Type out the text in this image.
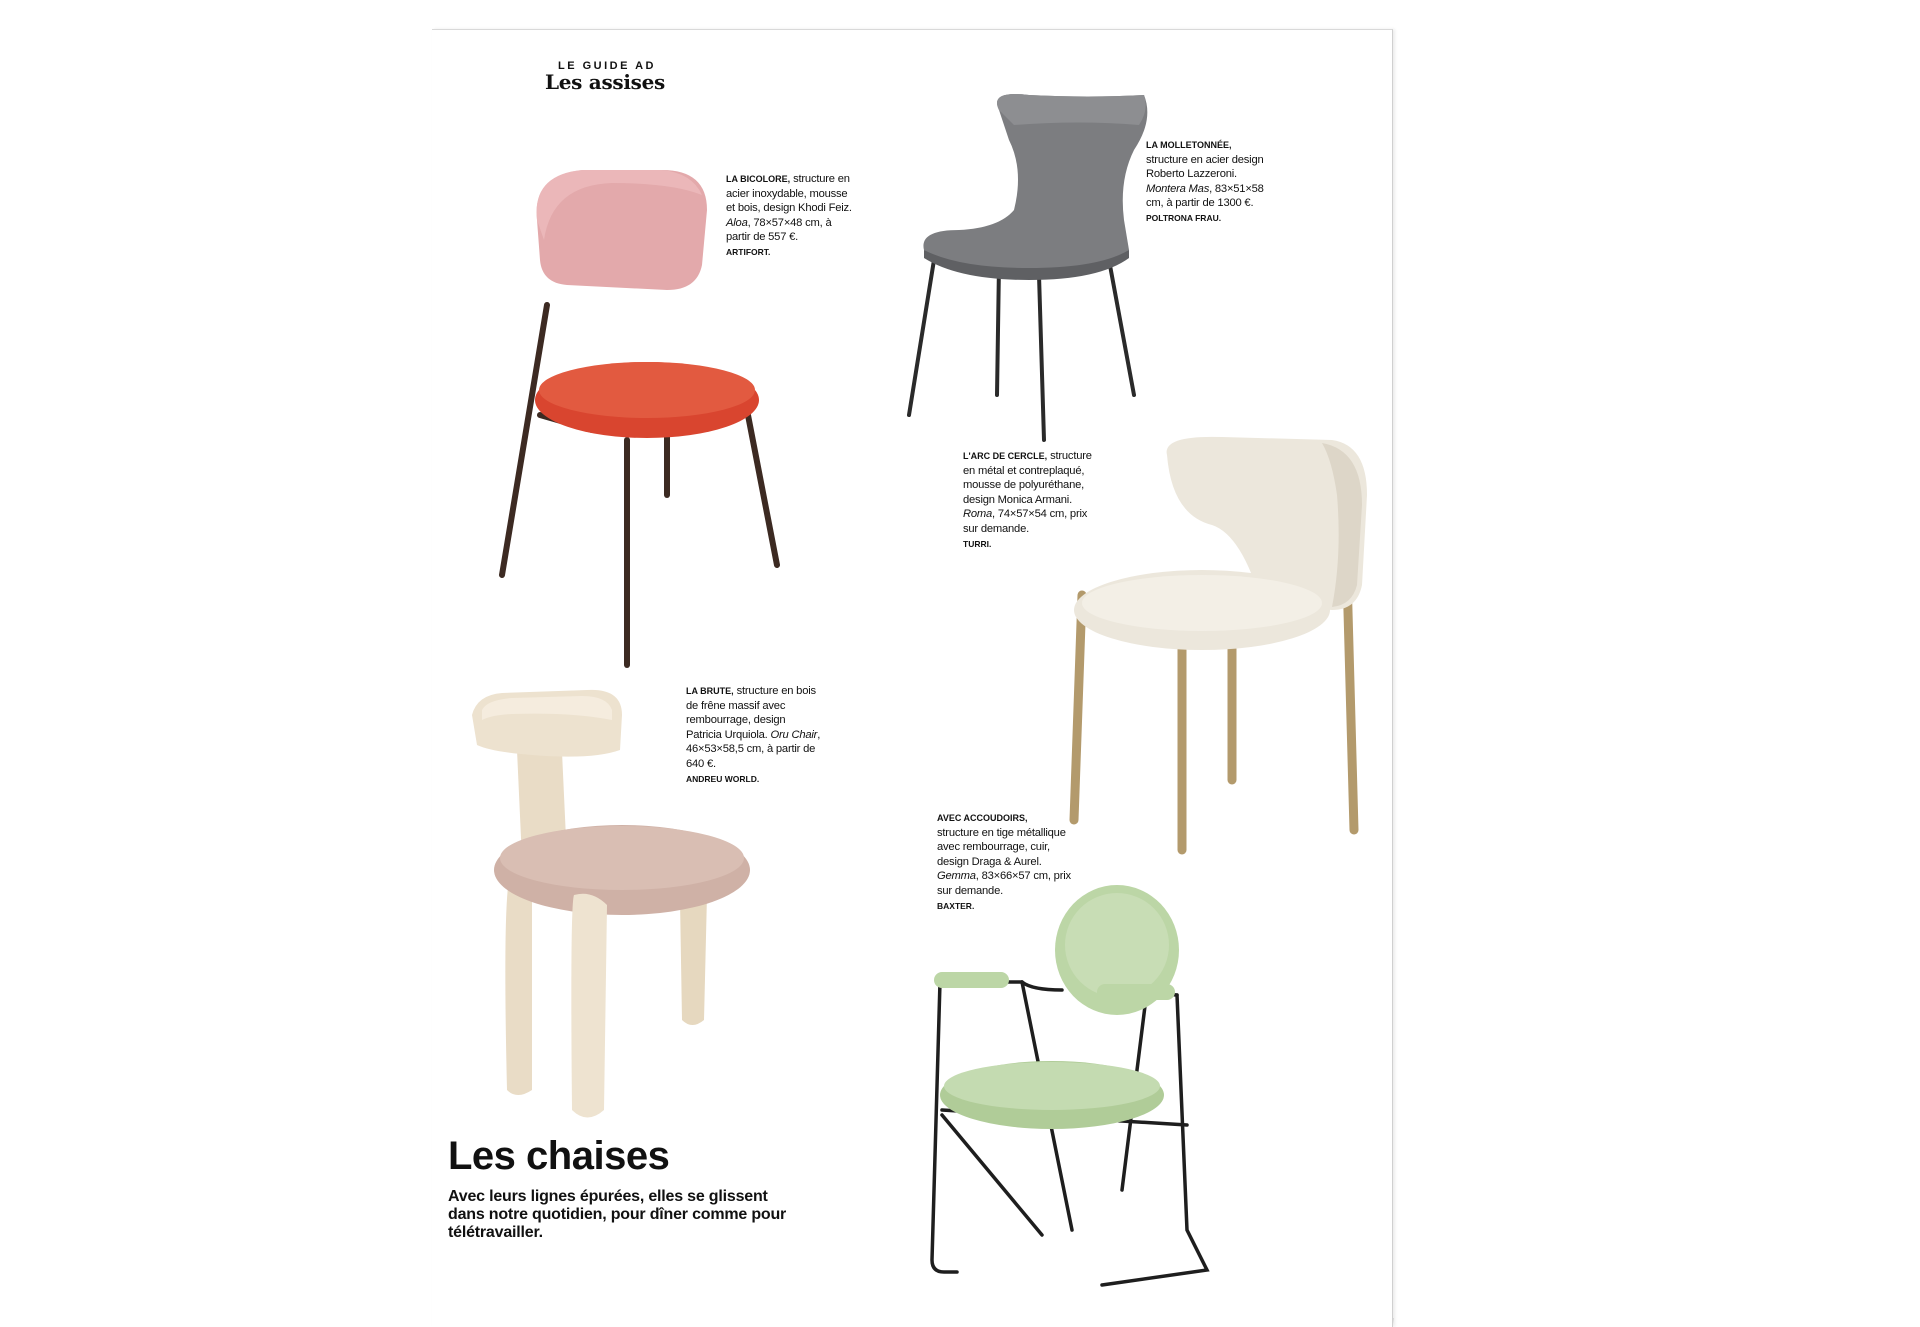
LE GUIDE AD
Les assises
LA BICOLORE, structure en acier inoxydable, mousse et bois, design Khodi Feiz. Aloa, 78×57×48 cm, à partir de 557 €.
ARTIFORT.
LA MOLLETONNÉE, structure en acier design Roberto Lazzeroni. Montera Mas, 83×51×58 cm, à partir de 1300 €.
POLTRONA FRAU.
L'ARC DE CERCLE, structure en métal et contreplaqué, mousse de polyuréthane, design Monica Armani. Roma, 74×57×54 cm, prix sur demande.
TURRI.
LA BRUTE, structure en bois de frêne massif avec rembourrage, design Patricia Urquiola. Oru Chair, 46×53×58,5 cm, à partir de 640 €.
ANDREU WORLD.
AVEC ACCOUDOIRS, structure en tige métallique avec rembourrage, cuir, design Draga & Aurel. Gemma, 83×66×57 cm, prix sur demande.
BAXTER.
Les chaises
Avec leurs lignes épurées, elles se glissent dans notre quotidien, pour dîner comme pour télétravailler.
